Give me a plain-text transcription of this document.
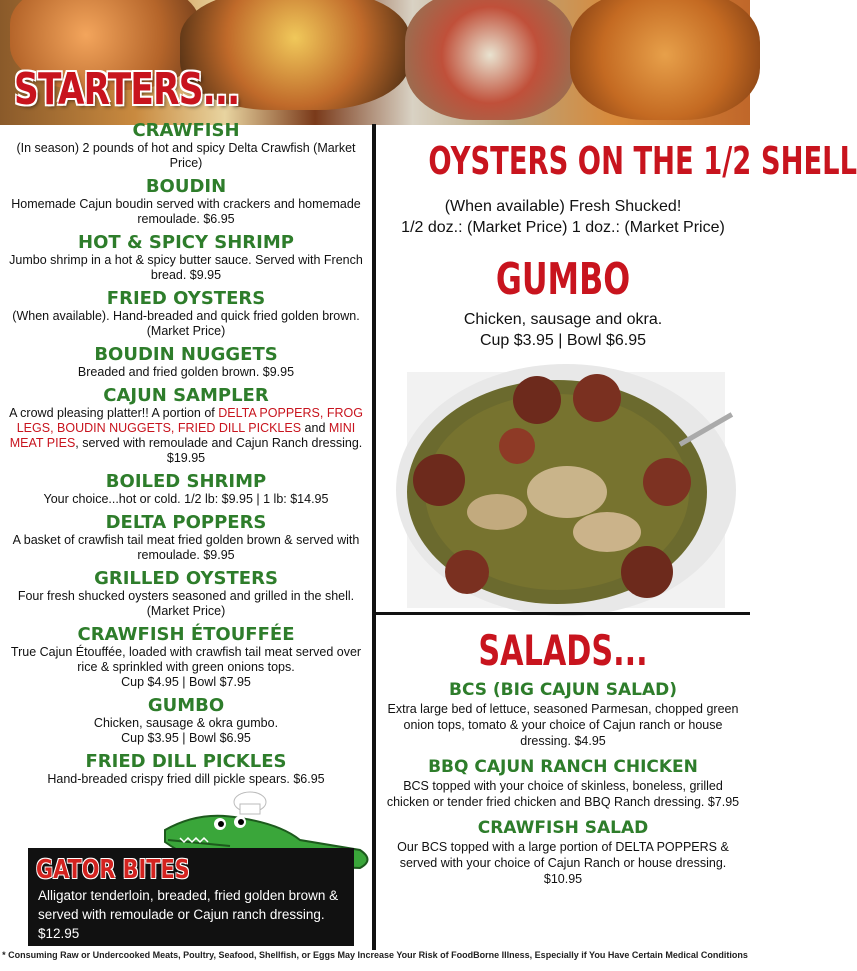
STARTERS...
CRAWFISH
(In season) 2 pounds of hot and spicy Delta Crawfish (Market Price)
BOUDIN
Homemade Cajun boudin served with crackers and homemade remoulade. $6.95
HOT & SPICY SHRIMP
Jumbo shrimp in a hot & spicy butter sauce. Served with French bread. $9.95
FRIED OYSTERS
(When available). Hand-breaded and quick fried golden brown. (Market Price)
BOUDIN NUGGETS
Breaded and fried golden brown. $9.95
CAJUN SAMPLER
A crowd pleasing platter!! A portion of DELTA POPPERS, FROG LEGS, BOUDIN NUGGETS, FRIED DILL PICKLES and MINI MEAT PIES, served with remoulade and Cajun Ranch dressing. $19.95
BOILED SHRIMP
Your choice...hot or cold. 1/2 lb: $9.95 | 1 lb: $14.95
DELTA POPPERS
A basket of crawfish tail meat fried golden brown & served with remoulade. $9.95
GRILLED OYSTERS
Four fresh shucked oysters seasoned and grilled in the shell. (Market Price)
CRAWFISH ÉTOUFFÉE
True Cajun Étouffée, loaded with crawfish tail meat served over rice & sprinkled with green onions tops.
Cup $4.95 | Bowl $7.95
GUMBO
Chicken, sausage & okra gumbo.
Cup $3.95 | Bowl $6.95
FRIED DILL PICKLES
Hand-breaded crispy fried dill pickle spears. $6.95
OYSTERS ON THE 1/2 SHELL
(When available) Fresh Shucked!
1/2 doz.: (Market Price) 1 doz.: (Market Price)
GUMBO
Chicken, sausage and okra.
Cup $3.95 | Bowl $6.95
SALADS...
BCS (BIG CAJUN SALAD)
Extra large bed of lettuce, seasoned Parmesan, chopped green onion tops, tomato & your choice of Cajun ranch or house dressing. $4.95
BBQ CAJUN RANCH CHICKEN
BCS topped with your choice of skinless, boneless, grilled chicken or tender fried chicken and BBQ Ranch dressing. $7.95
CRAWFISH SALAD
Our BCS topped with a large portion of DELTA POPPERS & served with your choice of Cajun Ranch or house dressing. $10.95
GATOR BITES
Alligator tenderloin, breaded, fried golden brown & served with remoulade or Cajun ranch dressing. $12.95
* Consuming Raw or Undercooked Meats, Poultry, Seafood, Shellfish, or Eggs May Increase Your Risk of FoodBorne Illness, Especially if You Have Certain Medical Conditions
